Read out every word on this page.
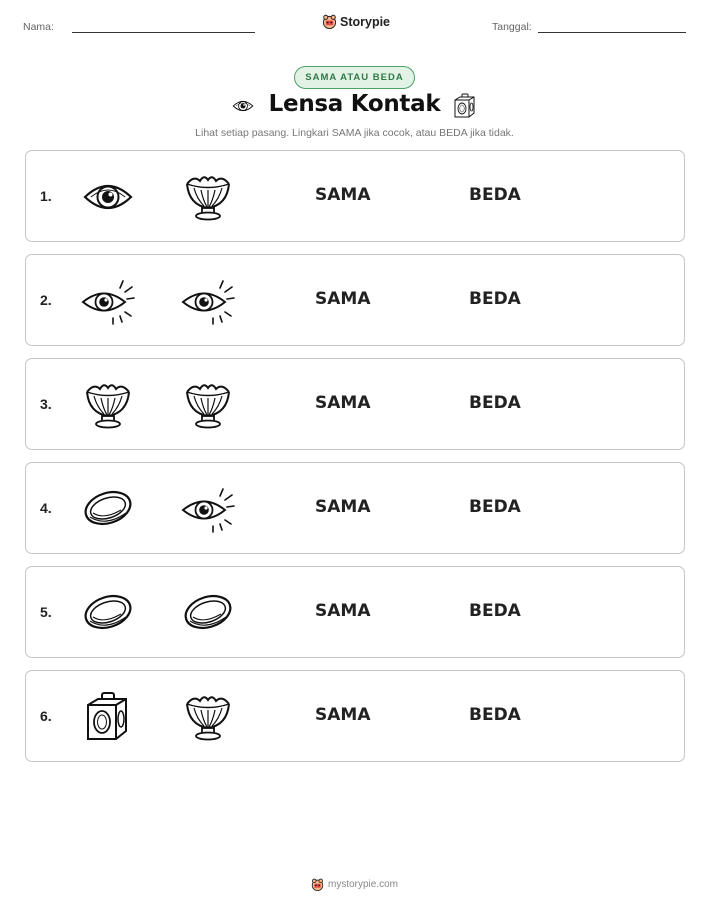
Nama:	Storypie	Tanggal:
SAMA ATAU BEDA
Lensa Kontak
Lihat setiap pasang. Lingkari SAMA jika cocok, atau BEDA jika tidak.
1.	SAMA	BEDA
2.	SAMA	BEDA
3.	SAMA	BEDA
4.	SAMA	BEDA
5.	SAMA	BEDA
6.	SAMA	BEDA
mystorypie.com
